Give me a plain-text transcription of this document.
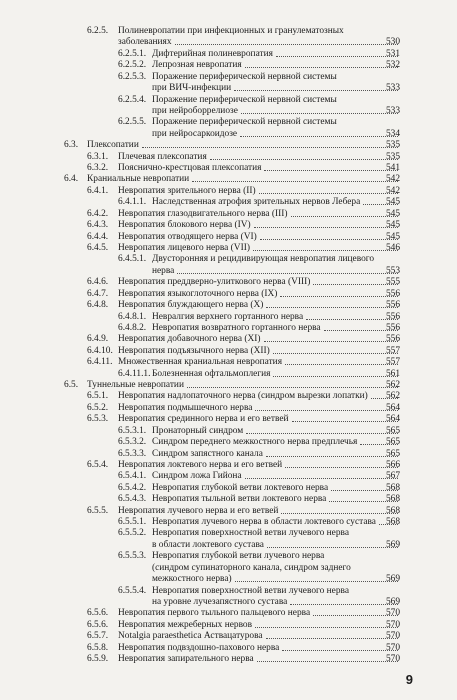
6.2.5. Полиневропатии при инфекционных и гранулематозных
заболеваниях	530
6.2.5.1. Дифтерийная полиневропатия	531
6.2.5.2. Лепрозная невропатия	532
6.2.5.3. Поражение периферической нервной системы
при ВИЧ-инфекции	533
6.2.5.4. Поражение периферической нервной системы
при нейроборрелиозе	533
6.2.5.5. Поражение периферической нервной системы
при нейросаркоидозе	534
6.3. Плексопатии	535
6.3.1. Плечевая плексопатия	535
6.3.2. Пояснично-крестцовая плексопатия	541
6.4. Краниальные невропатии	542
6.4.1. Невропатия зрительного нерва (II)	542
6.4.1.1. Наследственная атрофия зрительных нервов Лебера	545
6.4.2. Невропатия глазодвигательного нерва (III)	545
6.4.3. Невропатия блокового нерва (IV)	545
6.4.4. Невропатия отводящего нерва (VI)	545
6.4.5. Невропатия лицевого нерва (VII)	546
6.4.5.1. Двусторонняя и рецидивирующая невропатия лицевого
нерва	553
6.4.6. Невропатия преддверно-улиткового нерва (VIII)	555
6.4.7. Невропатия языкоглоточного нерва (IX)	556
6.4.8. Невропатия блуждающего нерва (X)	556
6.4.8.1. Невралгия верхнего гортанного нерва	556
6.4.8.2. Невропатия возвратного гортанного нерва	556
6.4.9. Невропатия добавочного нерва (XI)	556
6.4.10. Невропатия подъязычного нерва (XII)	557
6.4.11. Множественная краниальная невропатия	557
6.4.11.1. Болезненная офтальмоплегия	561
6.5. Туннельные невропатии	562
6.5.1. Невропатия надлопаточного нерва (синдром вырезки лопатки) 562
6.5.2. Невропатия подмышечного нерва	564
6.5.3. Невропатия срединного нерва и его ветвей	564
6.5.3.1. Пронаторный синдром	565
6.5.3.2. Синдром переднего межкостного нерва предплечья	565
6.5.3.3. Синдром запястного канала	565
6.5.4. Невропатия локтевого нерва и его ветвей	566
6.5.4.1. Синдром ложа Гийона	567
6.5.4.2. Невропатия глубокой ветви локтевого нерва	568
6.5.4.3. Невропатия тыльной ветви локтевого нерва	568
6.5.5. Невропатия лучевого нерва и его ветвей	568
6.5.5.1. Невропатия лучевого нерва в области локтевого сустава 568
6.5.5.2. Невропатия поверхностной ветви лучевого нерва
в области локтевого сустава	569
6.5.5.3. Невропатия глубокой ветви лучевого нерва
(синдром супинаторного канала, синдром заднего
межкостного нерва)	569
6.5.5.4. Невропатия поверхностной ветви лучевого нерва
на уровне лучезапястного сустава	569
6.5.6. Невропатия первого тыльного пальцевого нерва	570
6.5.6. Невропатия межреберных нервов	570
6.5.7. Notalgia paraesthetica Аствацатурова	570
6.5.8. Невропатия подвздошно-пахового нерва	570
6.5.9. Невропатия запирательного нерва	570
9
